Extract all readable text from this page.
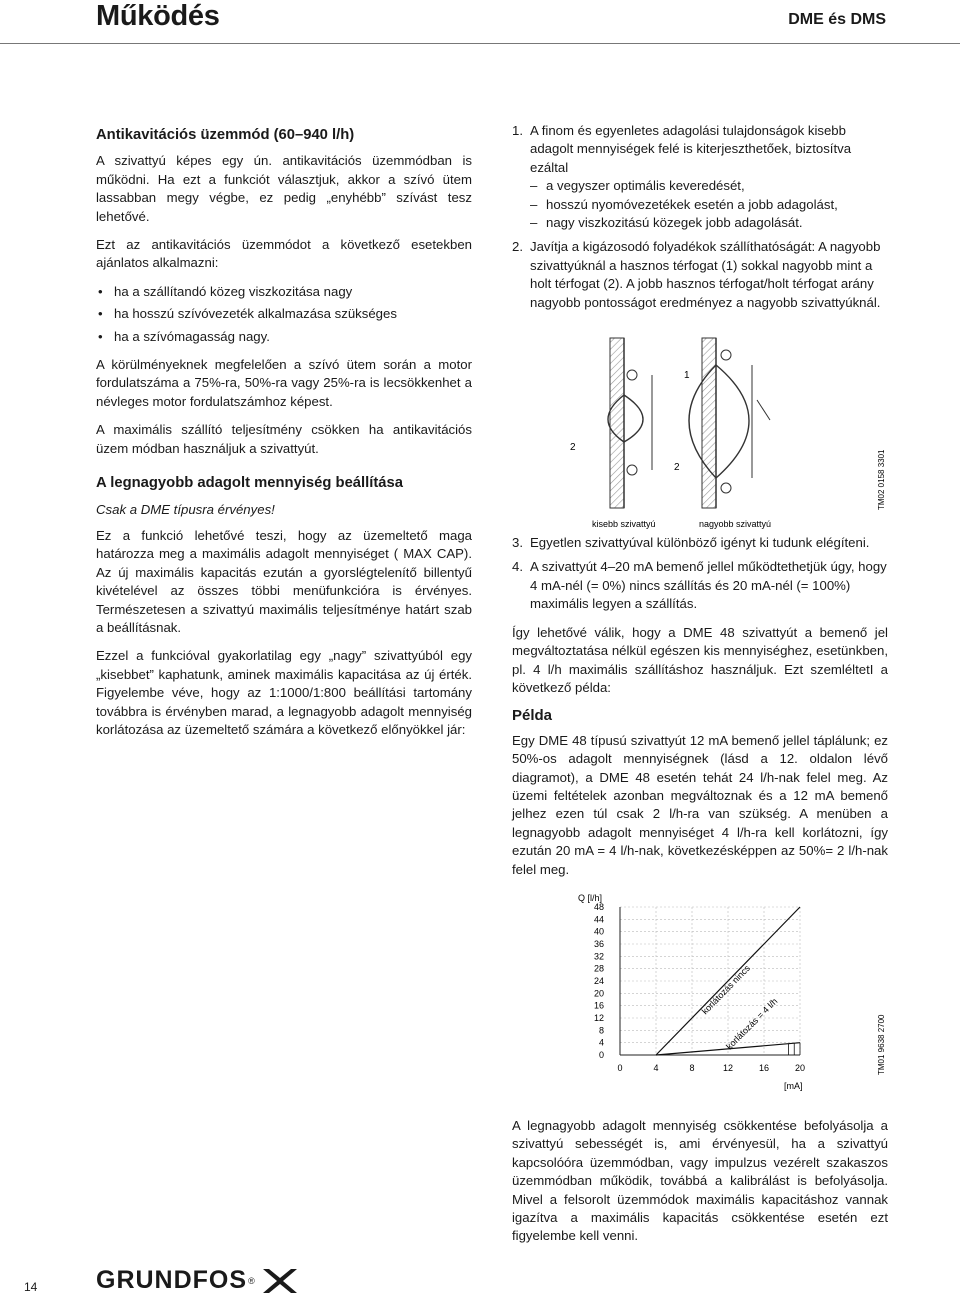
Működés	DME és DMS
Antikavitációs üzemmód (60–940 l/h)

A szivattyú képes egy ún. antikavitációs üzemmódban is működni. Ha ezt a funkciót választjuk, akkor a szívó ütem lassabban megy végbe, ez pedig „enyhébb” szívást tesz lehetővé.

Ezt az antikavitációs üzemmódot a következő esetekben ajánlatos alkalmazni:

• ha a szállítandó közeg viszkozitása nagy
• ha hosszú szívóvezeték alkalmazása szükséges
• ha a szívómagasság nagy.

A körülményeknek megfelelően a szívó ütem során a motor fordulatszáma a 75%-ra, 50%-ra vagy 25%-ra is lecsökkenhet a névleges motor fordulatszámhoz képest.

A maximális szállító teljesítmény csökken ha antikavitációs üzem módban használjuk a szivattyút.

A legnagyobb adagolt mennyiség beállítása

Csak a DME típusra érvényes!

Ez a funkció lehetővé teszi, hogy az üzemeltető maga határozza meg a maximális adagolt mennyiséget ( MAX CAP). Az új maximális kapacitás ezután a gyorslégtelenítő billentyű kivételével az összes többi menüfunkcióra is érvényes. Természetesen a szivattyú maximális teljesítménye határt szab a beállításnak.

Ezzel a funkcióval gyakorlatilag egy „nagy” szivattyúból egy „kisebbet” kaphatunk, aminek maximális kapacitása az új érték. Figyelembe véve, hogy az 1:1000/1:800 beállítási tartomány továbbra is érvényben marad, a legnagyobb adagolt mennyiség korlátozása az üzemeltető számára a következő előnyökkel jár:

1. A finom és egyenletes adagolási tulajdonságok kisebb adagolt mennyiségek felé is kiterjeszthetőek, biztosítva ezáltal
– a vegyszer optimális keveredését,
– hosszú nyomóvezetékek esetén a jobb adagolást,
– nagy viszkozitású közegek jobb adagolását.
2. Javítja a kigázosodó folyadékok szállíthatóságát: A nagyobb szivattyúknál a hasznos térfogat (1) sokkal nagyobb mint a holt térfogat (2). A jobb hasznos térfogat/holt térfogat arány nagyobb pontosságot eredményez a nagyobb szivattyúknál.
1
2
2
kisebb szivattyú	nagyobb szivattyú
TM02 0158 3301
3. Egyetlen szivattyúval különböző igényt ki tudunk elégíteni.
4. A szivattyút 4–20 mA bemenő jellel működtethetjük úgy, hogy 4 mA-nél (= 0%) nincs szállítás és 20 mA-nél (= 100%) maximális legyen a szállítás.

Így lehetővé válik, hogy a DME 48 szivattyút a bemenő jel megváltoztatása nélkül egészen kis mennyiséghez, esetünkben, pl. 4 l/h maximális szállításhoz használjuk. Ezt szemléltetI a következő példa:

Példa

Egy DME 48 típusú szivattyút 12 mA bemenő jellel táplálunk; ez 50%-os adagolt mennyiségnek (lásd a 12. oldalon lévő diagramot), a DME 48 esetén tehát 24 l/h-nak felel meg. Az üzemi feltételek azonban megváltoznak és a 12 mA bemenő jelhez ezen túl csak 2 l/h-ra van szükség. A menüben a legnagyobb adagolt mennyiséget 4 l/h-ra kell korlátozni, így ezután 20 mA = 4 l/h-nak, következésképpen az 50%= 2 l/h-nak felel meg.

0
4
8
12
16
20
24
28
32
36
40
44
48
0	4	8	12	16	20
Q [l/h]
[mA]
korlátozás nincs
korlátozás = 4 l/h	TM01 9638 2700

A legnagyobb adagolt mennyiség csökkentése befolyásolja a szivattyú sebességét is, ami érvényesül, ha a szivattyú kapcsolóóra üzemmódban, vagy impulzus vezérelt szakaszos üzemmódban működik, továbbá a kalibrálást is befolyásolja. Mivel a felsorolt üzemmódok maximális kapacitáshoz vannak igazítva a maximális kapacitás csökkentése esetén ezt figyelembe kell venni.

14 GRUNDFOS ®
